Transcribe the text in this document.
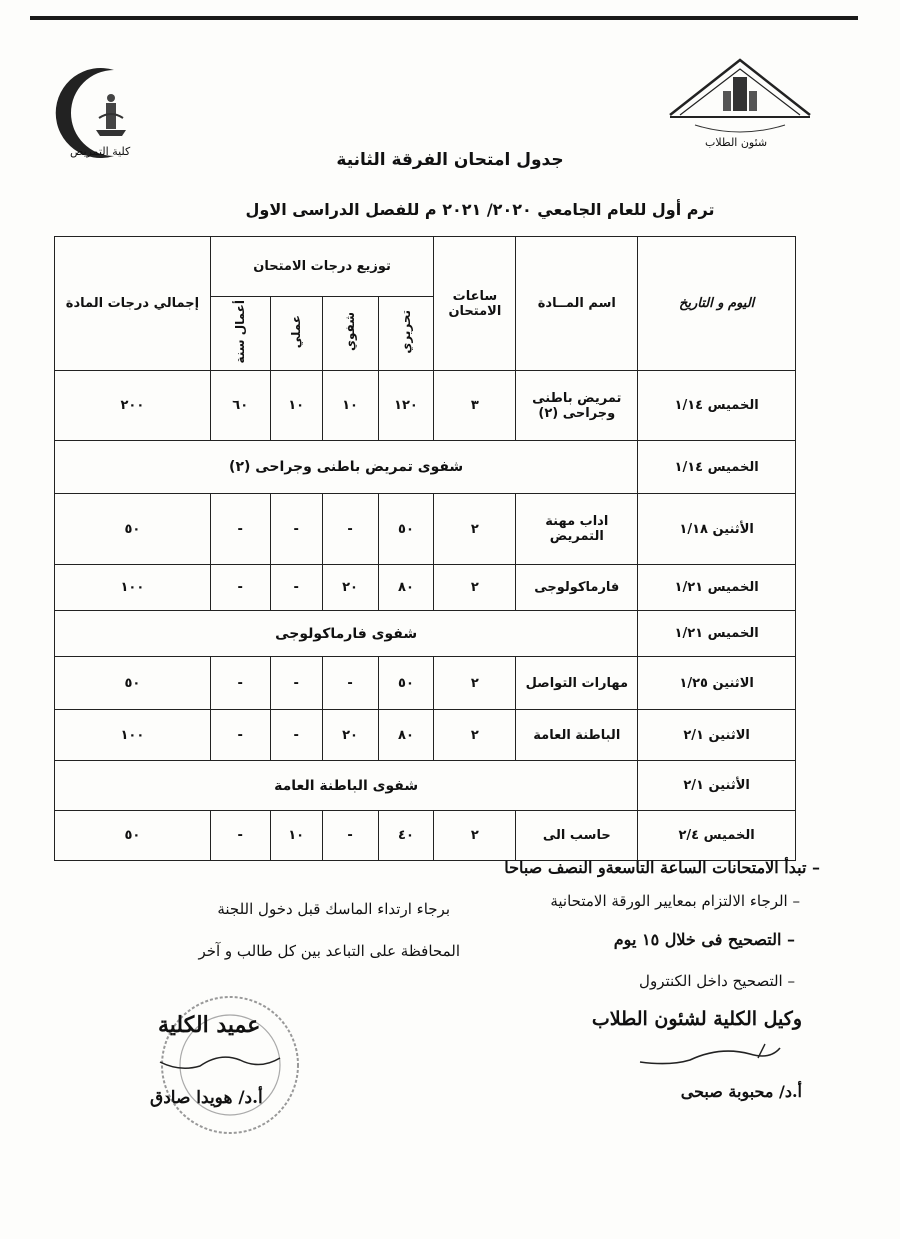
كلية التمريض
شئون الطلاب
جدول امتحان الفرقة الثانية
ترم أول للعام الجامعي ٢٠٢٠/ ٢٠٢١ م للفصل الدراسى الاول
اليوم و التاريخ	اسم المــادة	ساعات الامتحان	توزيع درجات الامتحان				إجمالي درجات المادة
			تحريري	شفوي	عملي	أعمال سنة	
الخميس ١/١٤	تمريض باطنى وجراحى (٢)	٣	١٢٠	١٠	١٠	٦٠	٢٠٠
الخميس ١/١٤	شفوى تمريض باطنى وجراحى (٢)						
الأثنين ١/١٨	اداب مهنة التمريض	٢	٥٠	-	-	-	٥٠
الخميس ١/٢١	فارماكولوجى	٢	٨٠	٢٠	-	-	١٠٠
الخميس ١/٢١	شفوى فارماكولوجى						
الاثنين ١/٢٥	مهارات التواصل	٢	٥٠	-	-	-	٥٠
الاثنين ٢/١	الباطنة العامة	٢	٨٠	٢٠	-	-	١٠٠
الأثنين ٢/١	شفوى الباطنة العامة						
الخميس ٢/٤	حاسب الى	٢	٤٠	-	١٠	-	٥٠
– تبدأ الامتحانات الساعة التاسعةو النصف صباحا
– الرجاء الالتزام بمعايير الورقة الامتحانية
برجاء ارتداء الماسك قبل دخول اللجنة
– التصحيح فى خلال ١٥ يوم
المحافظة على التباعد بين كل طالب و آخر
– التصحيح داخل الكنترول
وكيل الكلية لشئون الطلاب
أ.د/ محبوبة صبحى
عميد الكلية
أ.د/ هويدا صادق
